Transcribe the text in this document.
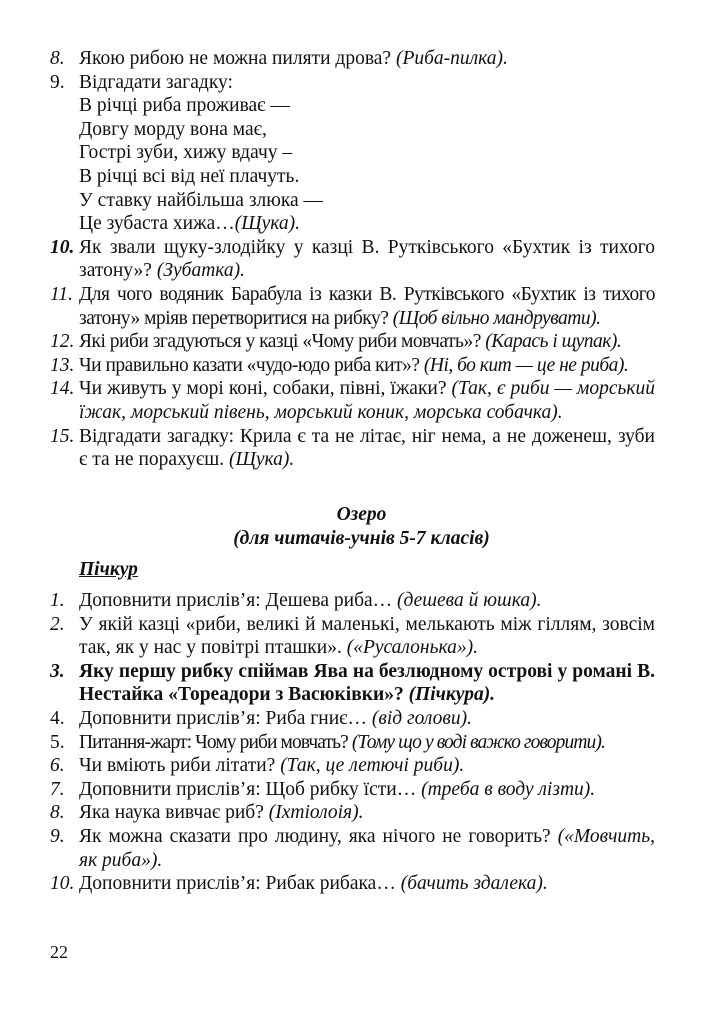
8. Якою рибою не можна пиляти дрова? (Риба-пилка).
9. Відгадати загадку:
В річці риба проживає —
Довгу морду вона має,
Гострі зуби, хижу вдачу –
В річці всі від неї плачуть.
У ставку найбільша злюка —
Це зубаста хижа…(Щука).
10. Як звали щуку-злодійку у казці В. Рутківського «Бухтик із тихого затону»? (Зубатка).
11. Для чого водяник Барабула із казки В. Рутківського «Бухтик із тихого затону» мріяв перетворитися на рибку? (Щоб вільно мандрувати).
12. Які риби згадуються у казці «Чому риби мовчать»? (Карась і щупак).
13. Чи правильно казати «чудо-юдо риба кит»? (Ні, бо кит — це не риба).
14. Чи живуть у морі коні, собаки, півні, їжаки? (Так, є риби — морський їжак, морський півень, морський коник, морська собачка).
15. Відгадати загадку: Крила є та не літає, ніг нема, а не доженеш, зуби є та не порахуєш. (Щука).
Озеро
(для читачів-учнів 5-7 класів)
Пічкур
1. Доповнити прислів’я: Дешева риба… (дешева й юшка).
2. У якій казці «риби, великі й маленькі, мелькають між гіллям, зовсім так, як у нас у повітрі пташки». («Русалонька»).
3. Яку першу рибку спіймав Ява на безлюдному острові у романі В. Нестайка «Тореадори з Васюківки»? (Пічкура).
4. Доповнити прислів’я: Риба гниє… (від голови).
5. Питання-жарт: Чому риби мовчать? (Тому що у воді важко говорити).
6. Чи вміють риби літати? (Так, це летючі риби).
7. Доповнити прислів’я: Щоб рибку їсти… (треба в воду лізти).
8. Яка наука вивчає риб? (Іхтіолоія).
9. Як можна сказати про людину, яка нічого не говорить? («Мовчить, як риба»).
10. Доповнити прислів’я: Рибак рибака… (бачить здалека).
22
